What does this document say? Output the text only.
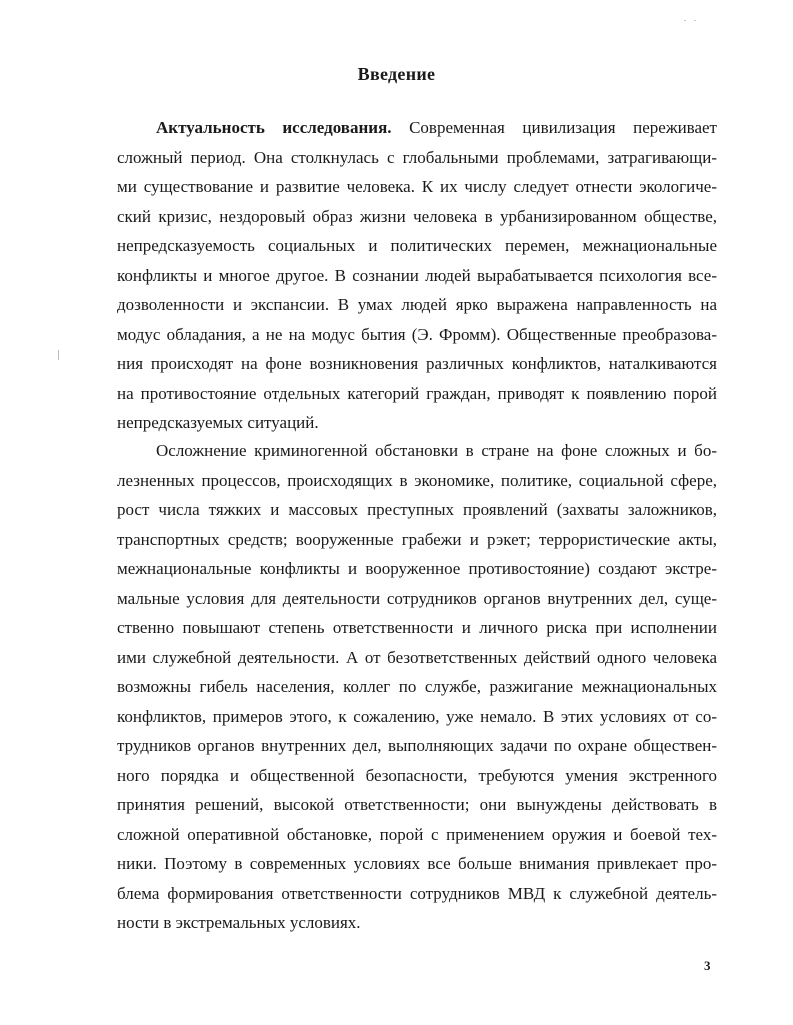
. .
Введение
Актуальность исследования. Современная цивилизация переживает
сложный период. Она столкнулась с глобальными проблемами, затрагивающи-
ми существование и развитие человека. К их числу следует отнести экологиче-
ский кризис, нездоровый образ жизни человека в урбанизированном обществе,
непредсказуемость социальных и политических перемен, межнациональные
конфликты и многое другое. В сознании людей вырабатывается психология все-
дозволенности и экспансии. В умах людей ярко выражена направленность на
модус обладания, а не на модус бытия (Э. Фромм). Общественные преобразова-
ния происходят на фоне возникновения различных конфликтов, наталкиваются
на противостояние отдельных категорий граждан, приводят к появлению порой
непредсказуемых ситуаций.
Осложнение криминогенной обстановки в стране на фоне сложных и бо-
лезненных процессов, происходящих в экономике, политике, социальной сфере,
рост числа тяжких и массовых преступных проявлений (захваты заложников,
транспортных средств; вооруженные грабежи и рэкет; террористические акты,
межнациональные конфликты и вооруженное противостояние) создают экстре-
мальные условия для деятельности сотрудников органов внутренних дел, суще-
ственно повышают степень ответственности и личного риска при исполнении
ими служебной деятельности. А от безответственных действий одного человека
возможны гибель населения, коллег по службе, разжигание межнациональных
конфликтов, примеров этого, к сожалению, уже немало. В этих условиях от со-
трудников органов внутренних дел, выполняющих задачи по охране обществен-
ного порядка и общественной безопасности, требуются умения экстренного
принятия решений, высокой ответственности; они вынуждены действовать в
сложной оперативной обстановке, порой с применением оружия и боевой тех-
ники. Поэтому в современных условиях все больше внимания привлекает про-
блема формирования ответственности сотрудников МВД к служебной деятель-
ности в экстремальных условиях.
3
